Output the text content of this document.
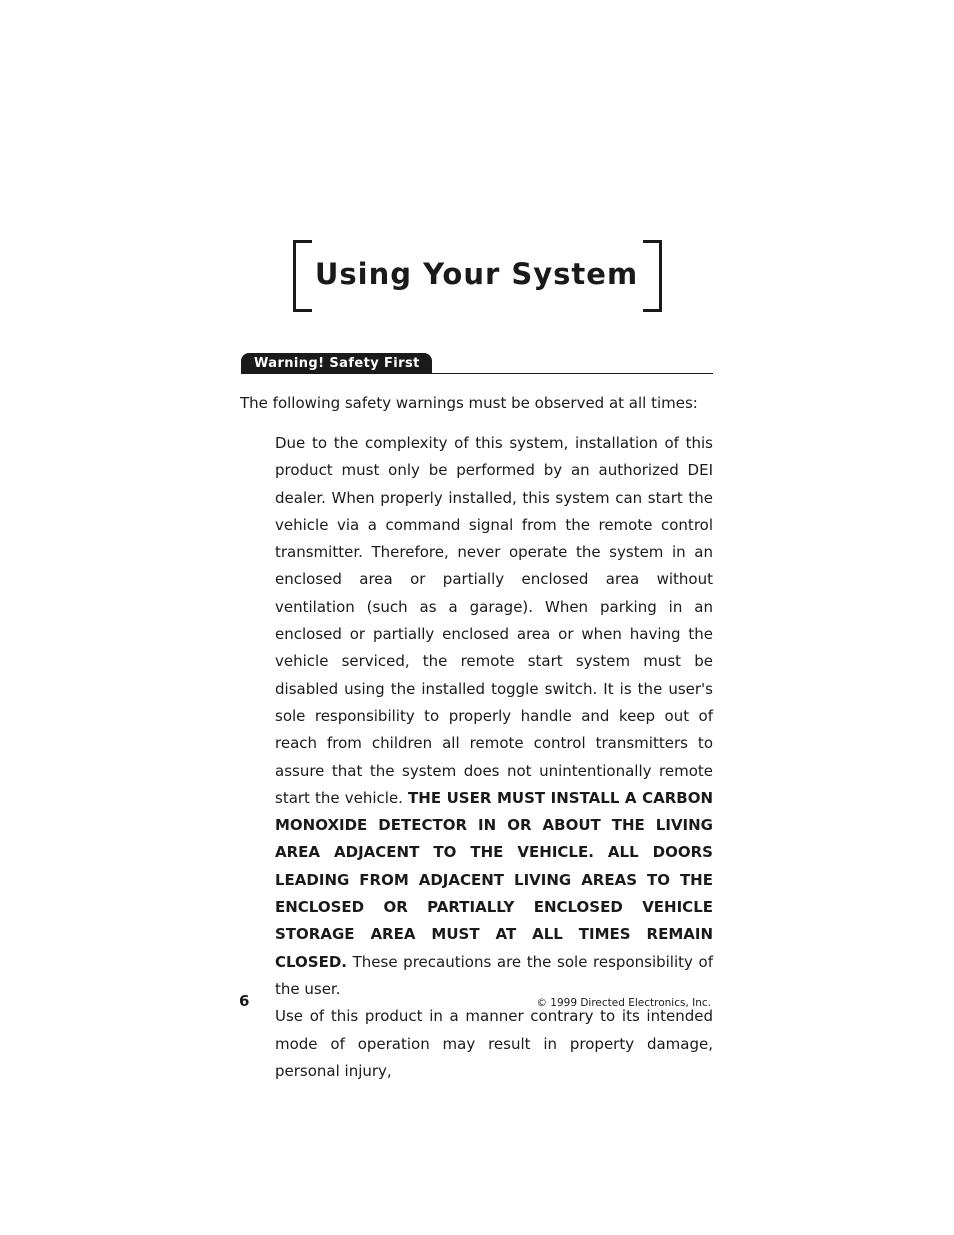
Using Your System
Warning! Safety First

The following safety warnings must be observed at all times:

Due to the complexity of this system, installation of this product must only be performed by an authorized DEI dealer. When properly installed, this system can start the vehicle via a command signal from the remote control transmitter. Therefore, never operate the system in an enclosed area or partially enclosed area without ventilation (such as a garage). When parking in an enclosed or partially enclosed area or when having the vehicle serviced, the remote start system must be disabled using the installed toggle switch. It is the user's sole responsibility to properly handle and keep out of reach from children all remote control transmitters to assure that the system does not unintentionally remote start the vehicle. THE USER MUST INSTALL A CARBON MONOXIDE DETECTOR IN OR ABOUT THE LIVING AREA ADJACENT TO THE VEHICLE. ALL DOORS LEADING FROM ADJACENT LIVING AREAS TO THE ENCLOSED OR PARTIALLY ENCLOSED VEHICLE STORAGE AREA MUST AT ALL TIMES REMAIN CLOSED. These precautions are the sole responsibility of the user.

Use of this product in a manner contrary to its intended mode of operation may result in property damage, personal injury,

6	© 1999 Directed Electronics, Inc.
